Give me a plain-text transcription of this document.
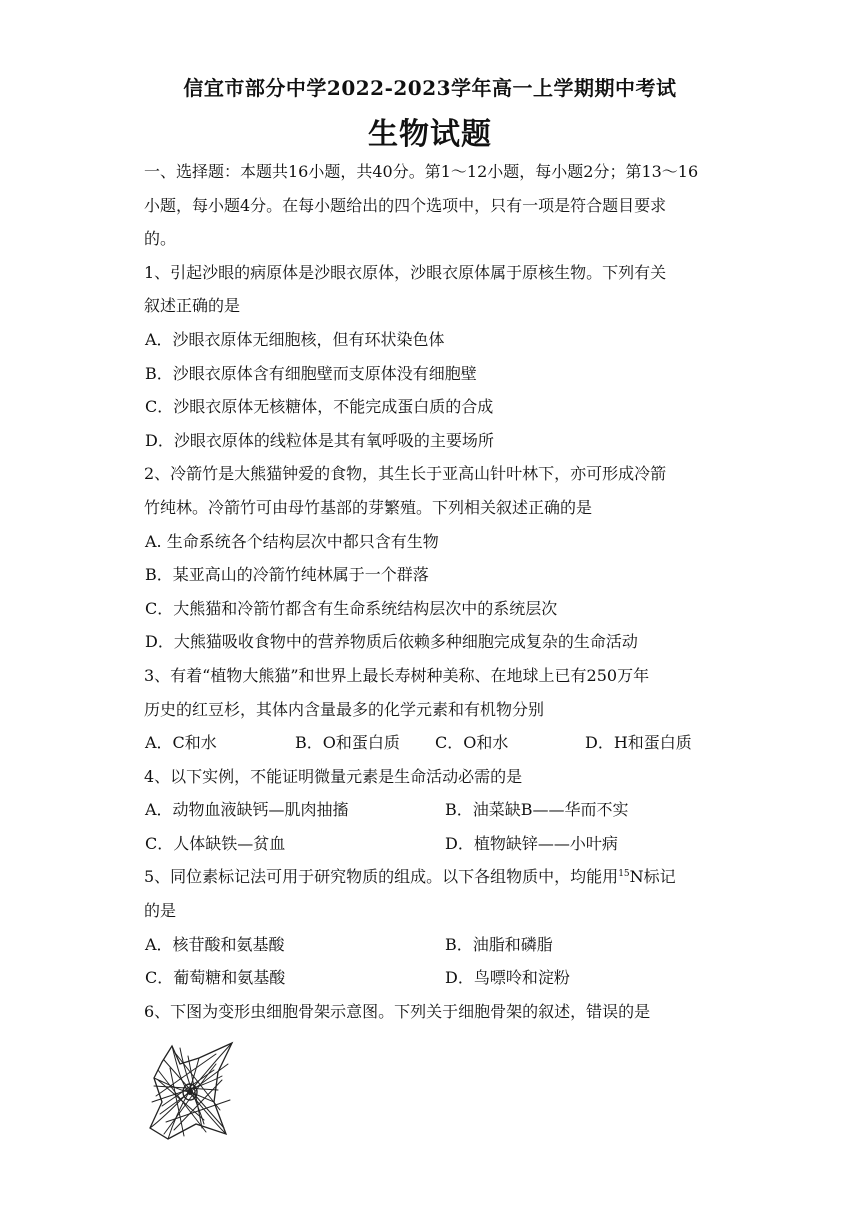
信宜市部分中学2022-2023学年高一上学期期中考试
生物试题
一、选择题：本题共16小题，共40分。第1～12小题，每小题2分；第13～16
小题，每小题4分。在每小题给出的四个选项中，只有一项是符合题目要求
的。
1、引起沙眼的病原体是沙眼衣原体，沙眼衣原体属于原核生物。下列有关
叙述正确的是
A．沙眼衣原体无细胞核，但有环状染色体
B．沙眼衣原体含有细胞壁而支原体没有细胞壁
C．沙眼衣原体无核糖体，不能完成蛋白质的合成
D．沙眼衣原体的线粒体是其有氧呼吸的主要场所
2、冷箭竹是大熊猫钟爱的食物，其生长于亚高山针叶林下，亦可形成冷箭
竹纯林。冷箭竹可由母竹基部的芽繁殖。下列相关叙述正确的是
A. 生命系统各个结构层次中都只含有生物
B．某亚高山的冷箭竹纯林属于一个群落
C．大熊猫和冷箭竹都含有生命系统结构层次中的系统层次
D．大熊猫吸收食物中的营养物质后依赖多种细胞完成复杂的生命活动
3、有着“植物大熊猫”和世界上最长寿树种美称、在地球上已有250万年
历史的红豆杉，其体内含量最多的化学元素和有机物分别
A．C和水	B．O和蛋白质	C．O和水	D．H和蛋白质
4、以下实例，不能证明微量元素是生命活动必需的是
A．动物血液缺钙—肌肉抽搐	B．油菜缺B——华而不实
C．人体缺铁—贫血	D．植物缺锌——小叶病
5、同位素标记法可用于研究物质的组成。以下各组物质中，均能用$^{15}$N标记
的是
A．核苷酸和氨基酸	B．油脂和磷脂
C．葡萄糖和氨基酸	D．鸟嘌呤和淀粉
6、下图为变形虫细胞骨架示意图。下列关于细胞骨架的叙述，错误的是
